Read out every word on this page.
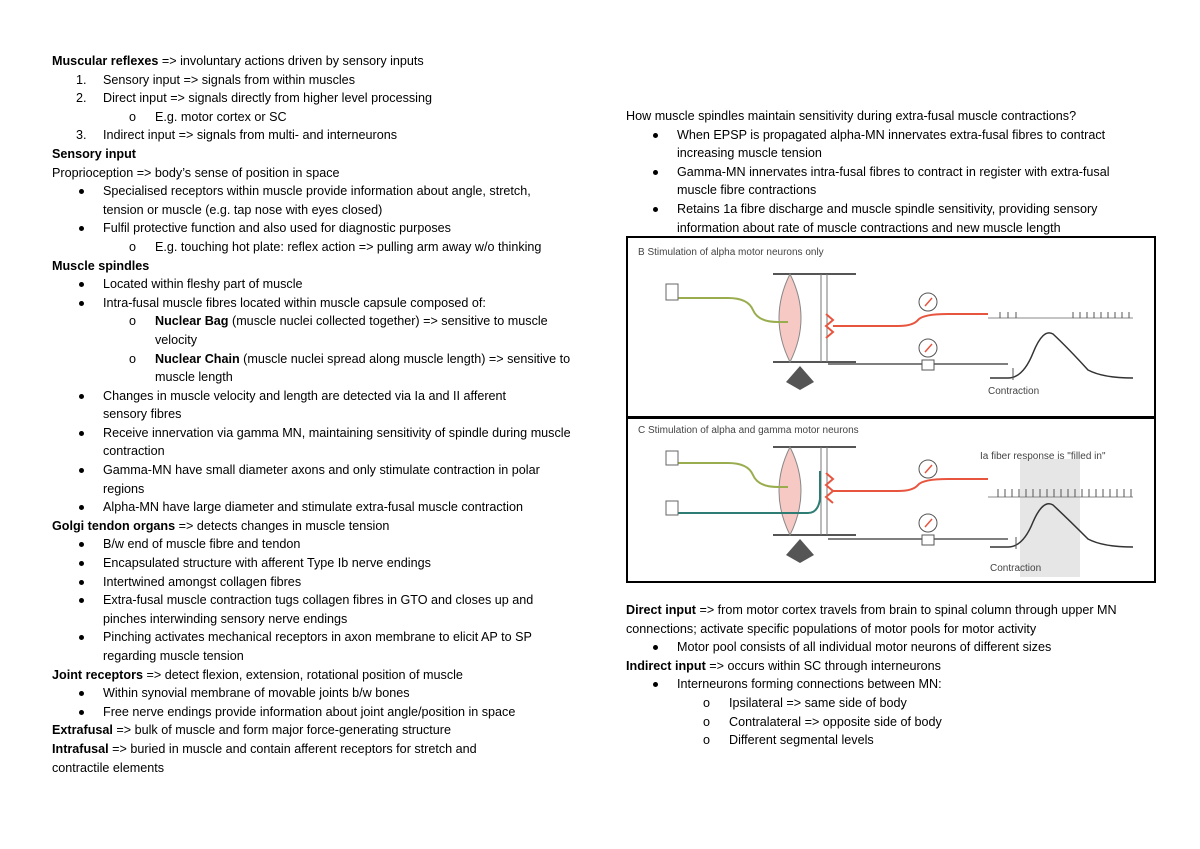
Muscular reflexes => involuntary actions driven by sensory inputs
1.	Sensory input => signals from within muscles
2.	Direct input => signals directly from higher level processing
o	E.g. motor cortex or SC
3.	Indirect input => signals from multi- and interneurons
Sensory input
Proprioception => body’s sense of position in space
Specialised receptors within muscle provide information about angle, stretch, tension or muscle (e.g. tap nose with eyes closed)
Fulfil protective function and also used for diagnostic purposes
o	E.g. touching hot plate: reflex action => pulling arm away w/o thinking
Muscle spindles
Located within fleshy part of muscle
Intra-fusal muscle fibres located within muscle capsule composed of:
o	Nuclear Bag (muscle nuclei collected together) => sensitive to muscle velocity
o	Nuclear Chain (muscle nuclei spread along muscle length) => sensitive to muscle length
Changes in muscle velocity and length are detected via Ia and II afferent sensory fibres
Receive innervation via gamma MN, maintaining sensitivity of spindle during muscle contraction
Gamma-MN have small diameter axons and only stimulate contraction in polar regions
Alpha-MN have large diameter and stimulate extra-fusal muscle contraction
Golgi tendon organs => detects changes in muscle tension
B/w end of muscle fibre and tendon
Encapsulated structure with afferent Type Ib nerve endings
Intertwined amongst collagen fibres
Extra-fusal muscle contraction tugs collagen fibres in GTO and closes up and pinches interwinding sensory nerve endings
Pinching activates mechanical receptors in axon membrane to elicit AP to SP regarding muscle tension
Joint receptors => detect flexion, extension, rotational position of muscle
Within synovial membrane of movable joints b/w bones
Free nerve endings provide information about joint angle/position in space
Extrafusal => bulk of muscle and form major force-generating structure
Intrafusal => buried in muscle and contain afferent receptors for stretch and contractile elements
How muscle spindles maintain sensitivity during extra-fusal muscle contractions?
When EPSP is propagated alpha-MN innervates extra-fusal fibres to contract increasing muscle tension
Gamma-MN innervates intra-fusal fibres to contract in register with extra-fusal muscle fibre contractions
Retains 1a fibre discharge and muscle spindle sensitivity, providing sensory information about rate of muscle contractions and new muscle length
B Stimulation of alpha motor neurons only
Contraction
C Stimulation of alpha and gamma motor neurons
Ia fiber response is "filled in"
Contraction
Direct input => from motor cortex travels from brain to spinal column through upper MN connections; activate specific populations of motor pools for motor activity
Motor pool consists of all individual motor neurons of different sizes
Indirect input => occurs within SC through interneurons
Interneurons forming connections between MN:
o	Ipsilateral => same side of body
o	Contralateral => opposite side of body
o	Different segmental levels
